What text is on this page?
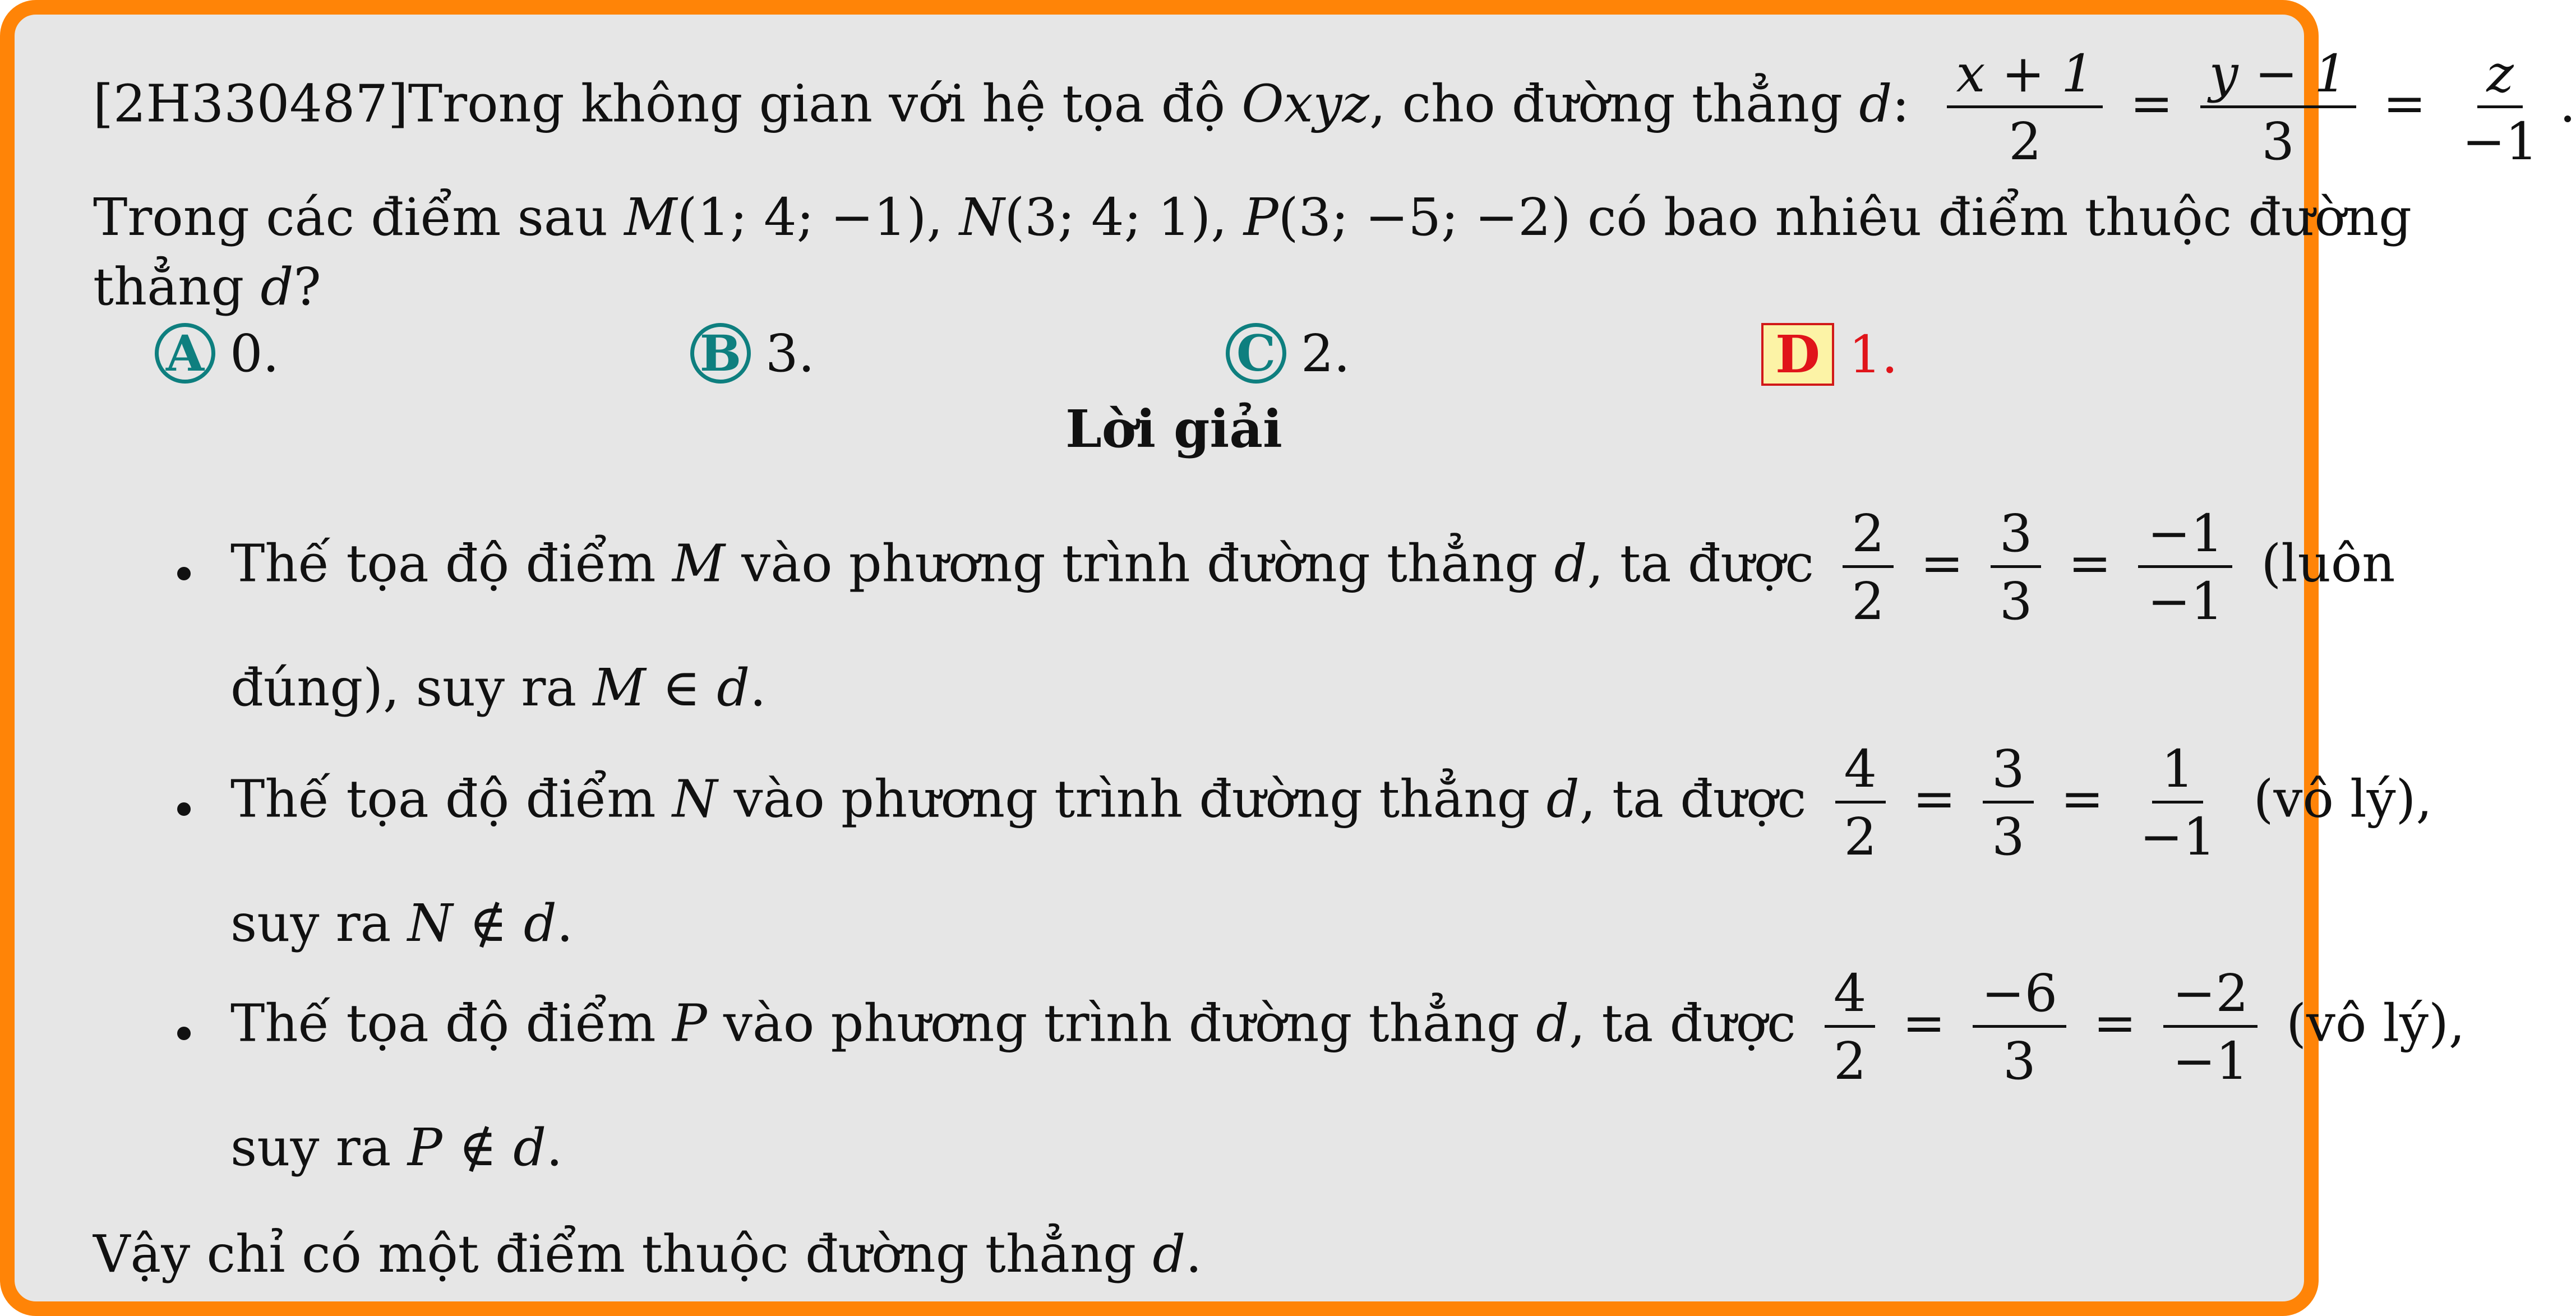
[2H330487]Trong không gian với hệ tọa độ Oxyz, cho đường thẳng d: $\frac{x + 1}{2} = \frac{y - 1}{3} = \frac{z}{-1}$ .
Trong các điểm sau M(1; 4; −1), N(3; 4; 1), P(3; −5; −2) có bao nhiêu điểm thuộc đường
thẳng d?
A 0.	B 3.	C 2.	D 1.
Lời giải
Thế tọa độ điểm M vào phương trình đường thẳng d, ta được $\frac{2}{2} = \frac{3}{3} = \frac{-1}{-1}$ (luôn
đúng), suy ra M ∈ d.
Thế tọa độ điểm N vào phương trình đường thẳng d, ta được $\frac{4}{2} = \frac{3}{3} = \frac{1}{-1}$ (vô lý),
suy ra N ∉ d.
Thế tọa độ điểm P vào phương trình đường thẳng d, ta được $\frac{4}{2} = \frac{-6}{3} = \frac{-2}{-1}$ (vô lý),
suy ra P ∉ d.
Vậy chỉ có một điểm thuộc đường thẳng d.
